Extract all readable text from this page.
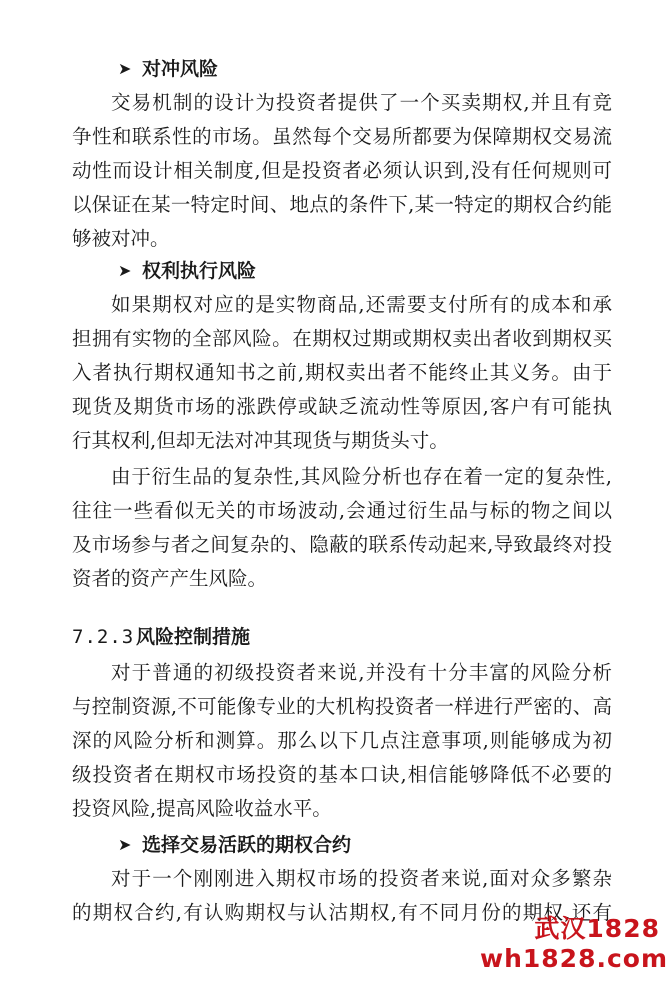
➤ 对冲风险
交易机制的设计为投资者提供了一个买卖期权,并且有竞
争性和联系性的市场。虽然每个交易所都要为保障期权交易流
动性而设计相关制度,但是投资者必须认识到,没有任何规则可
以保证在某一特定时间、地点的条件下,某一特定的期权合约能
够被对冲。
➤ 权利执行风险
如果期权对应的是实物商品,还需要支付所有的成本和承
担拥有实物的全部风险。在期权过期或期权卖出者收到期权买
入者执行期权通知书之前,期权卖出者不能终止其义务。由于
现货及期货市场的涨跌停或缺乏流动性等原因,客户有可能执
行其权利,但却无法对冲其现货与期货头寸。
由于衍生品的复杂性,其风险分析也存在着一定的复杂性,
往往一些看似无关的市场波动,会通过衍生品与标的物之间以
及市场参与者之间复杂的、隐蔽的联系传动起来,导致最终对投
资者的资产产生风险。
7.2.3风险控制措施
对于普通的初级投资者来说,并没有十分丰富的风险分析
与控制资源,不可能像专业的大机构投资者一样进行严密的、高
深的风险分析和测算。那么以下几点注意事项,则能够成为初
级投资者在期权市场投资的基本口诀,相信能够降低不必要的
投资风险,提高风险收益水平。
➤ 选择交易活跃的期权合约
对于一个刚刚进入期权市场的投资者来说,面对众多繁杂
的期权合约,有认购期权与认沽期权,有不同月份的期权,还有
武汉1828
wh1828.com
